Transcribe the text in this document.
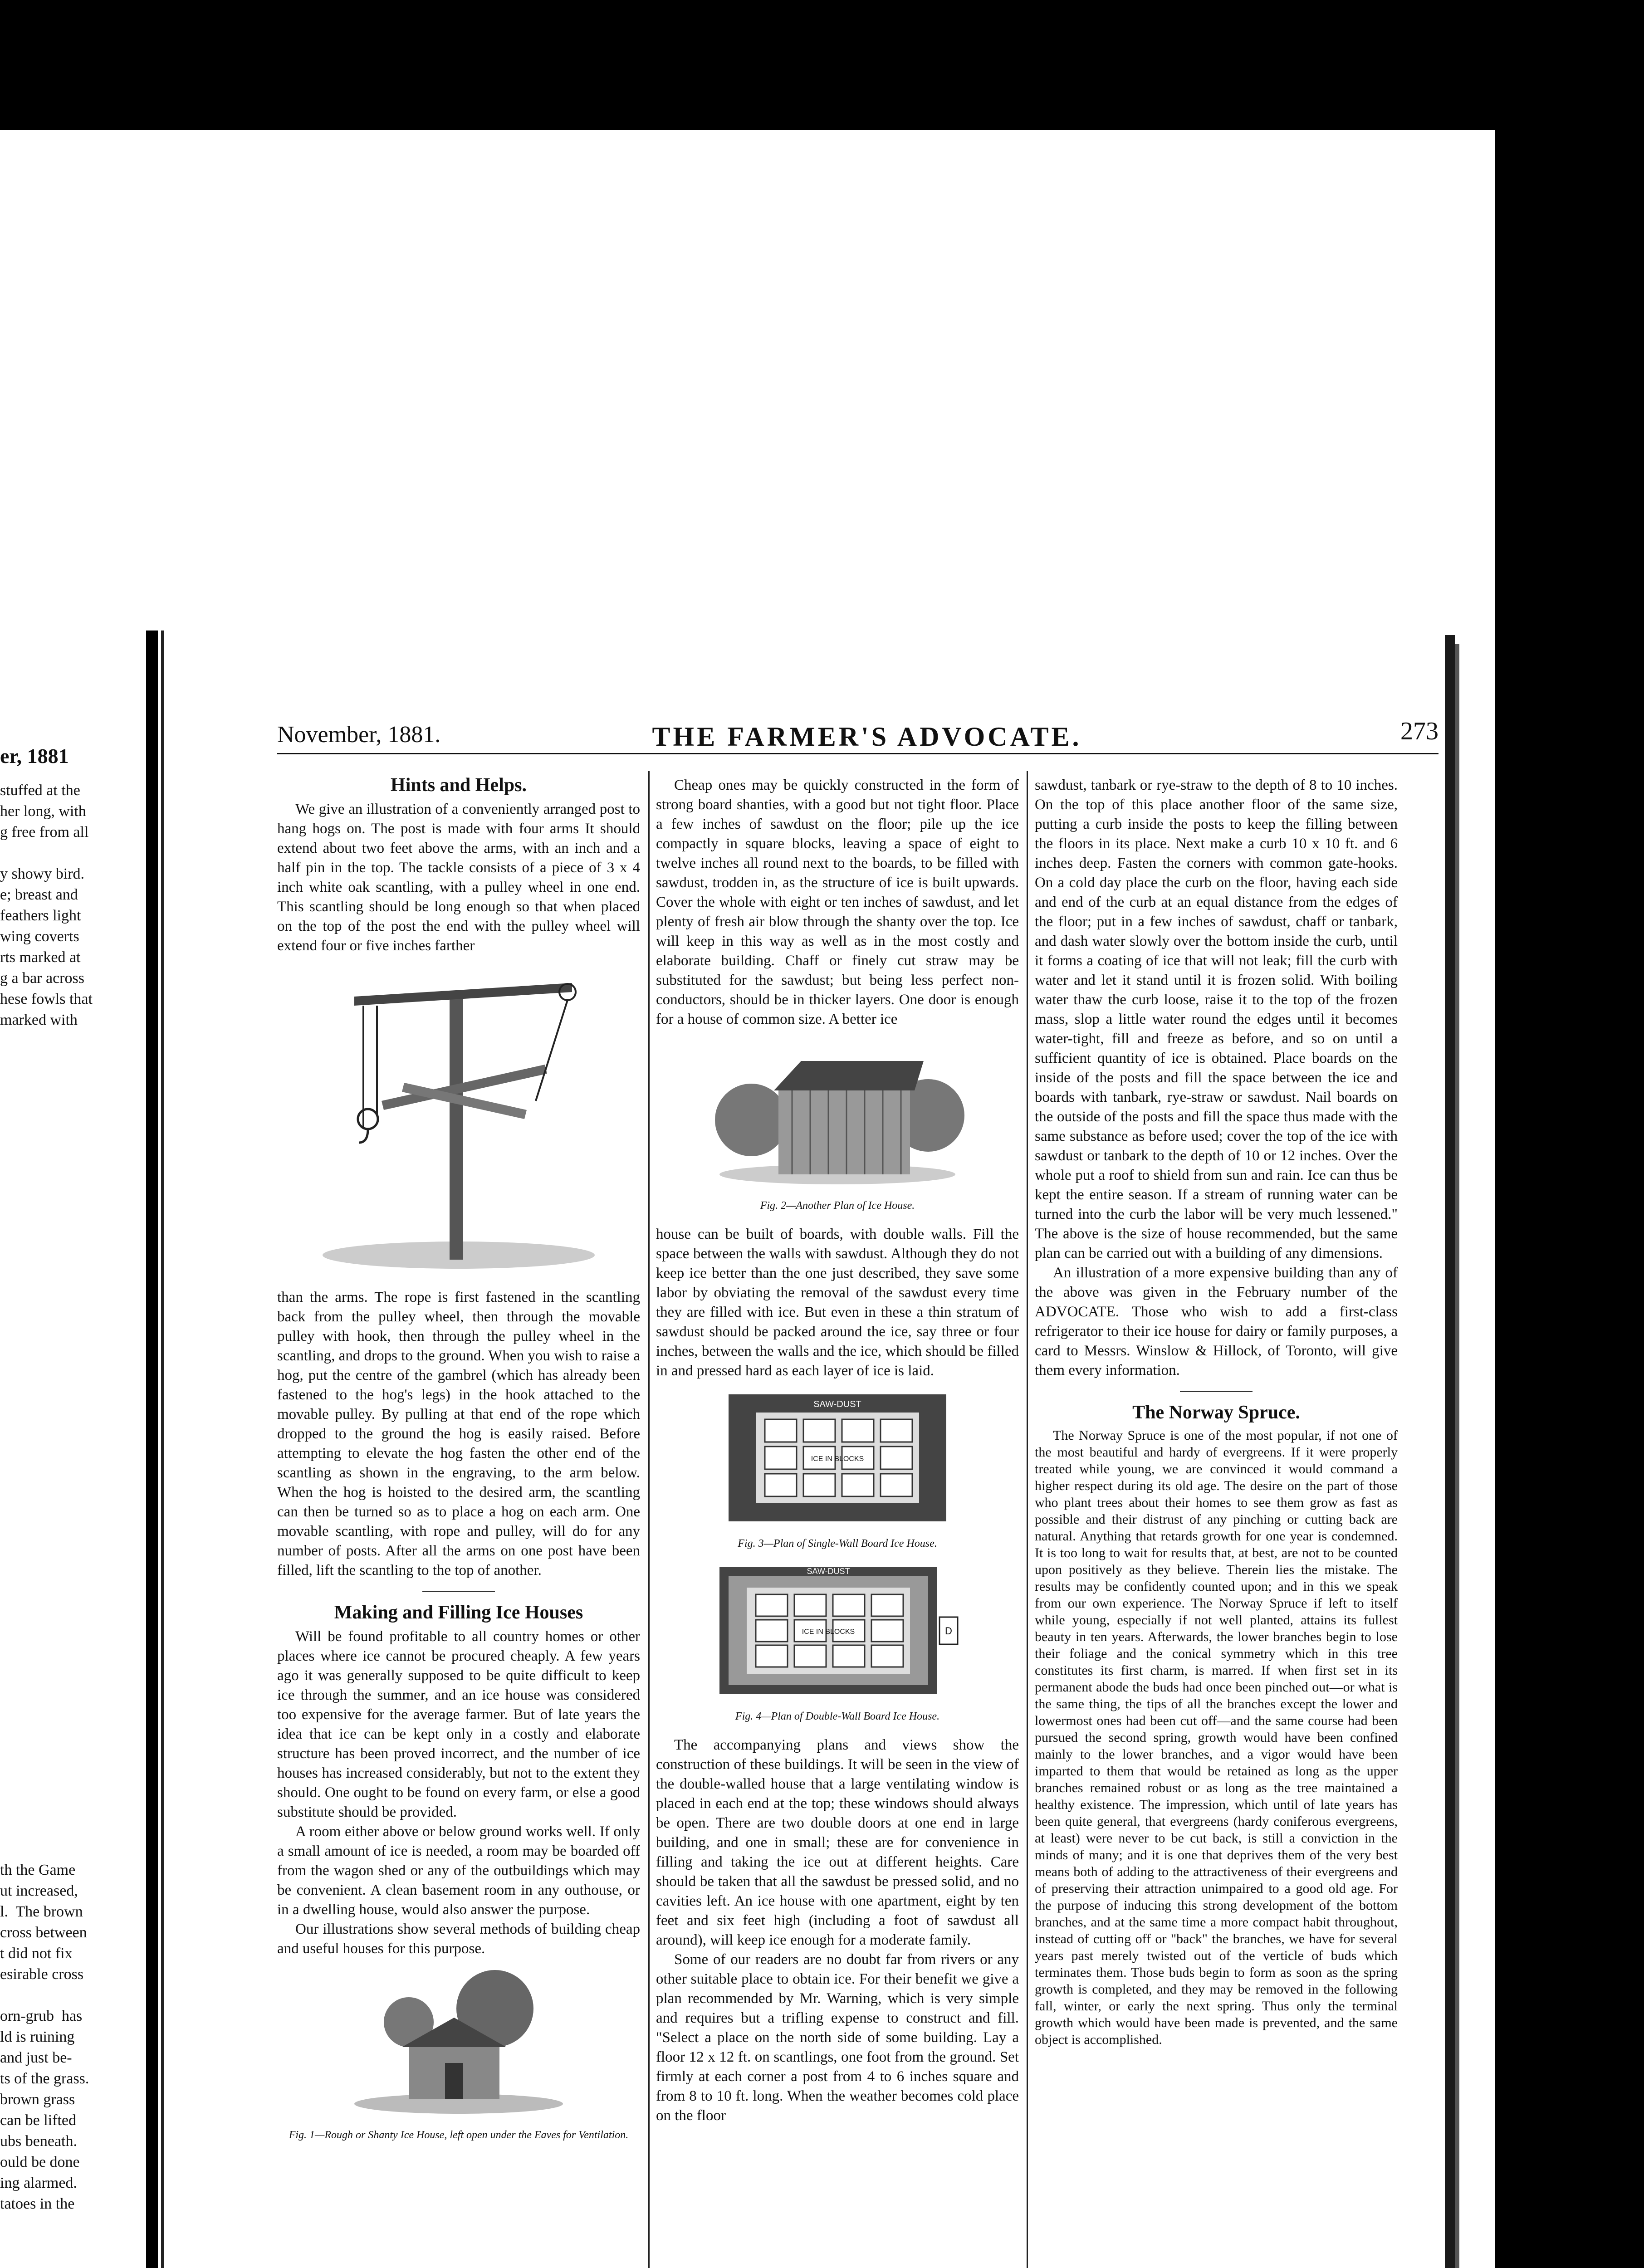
er, 1881
stuffed at the
her long, with
g free from all

y showy bird.
e; breast and
feathers light
wing coverts
rts marked at
g a bar across
hese fowls that
marked with
th the Game
ut increased,
l.  The brown
cross between
t did not fix
esirable cross

orn-grub  has
ld is ruining
and just be-
ts of the grass.
brown grass
can be lifted
ubs beneath.
ould be done
ing alarmed.
tatoes in the
November, 1881.	THE FARMER'S ADVOCATE.	273
Hints and Helps.

We give an illustration of a conveniently arranged post to hang hogs on. The post is made with four arms It should extend about two feet above the arms, with an inch and a half pin in the top. The tackle consists of a piece of 3 x 4 inch white oak scantling, with a pulley wheel in one end. This scantling should be long enough so that when placed on the top of the post the end with the pulley wheel will extend four or five inches farther

than the arms. The rope is first fastened in the scantling back from the pulley wheel, then through the movable pulley with hook, then through the pulley wheel in the scantling, and drops to the ground. When you wish to raise a hog, put the centre of the gambrel (which has already been fastened to the hog's legs) in the hook attached to the movable pulley. By pulling at that end of the rope which dropped to the ground the hog is easily raised. Before attempting to elevate the hog fasten the other end of the scantling as shown in the engraving, to the arm below. When the hog is hoisted to the desired arm, the scantling can then be turned so as to place a hog on each arm. One movable scantling, with rope and pulley, will do for any number of posts. After all the arms on one post have been filled, lift the scantling to the top of another.

Making and Filling Ice Houses

Will be found profitable to all country homes or other places where ice cannot be procured cheaply. A few years ago it was generally supposed to be quite difficult to keep ice through the summer, and an ice house was considered too expensive for the average farmer. But of late years the idea that ice can be kept only in a costly and elaborate structure has been proved incorrect, and the number of ice houses has increased considerably, but not to the extent they should. One ought to be found on every farm, or else a good substitute should be provided.

A room either above or below ground works well. If only a small amount of ice is needed, a room may be boarded off from the wagon shed or any of the outbuildings which may be convenient. A clean basement room in any outhouse, or in a dwelling house, would also answer the purpose.

Our illustrations show several methods of building cheap and useful houses for this purpose.

Fig. 1—Rough or Shanty Ice House, left open under the Eaves for Ventilation.

Cheap ones may be quickly constructed in the form of strong board shanties, with a good but not tight floor. Place a few inches of sawdust on the floor; pile up the ice compactly in square blocks, leaving a space of eight to twelve inches all round next to the boards, to be filled with sawdust, trodden in, as the structure of ice is built upwards. Cover the whole with eight or ten inches of sawdust, and let plenty of fresh air blow through the shanty over the top. Ice will keep in this way as well as in the most costly and elaborate building. Chaff or finely cut straw may be substituted for the sawdust; but being less perfect non-conductors, should be in thicker layers. One door is enough for a house of common size. A better ice

Fig. 2—Another Plan of Ice House.

house can be built of boards, with double walls. Fill the space between the walls with sawdust. Although they do not keep ice better than the one just described, they save some labor by obviating the removal of the sawdust every time they are filled with ice. But even in these a thin stratum of sawdust should be packed around the ice, say three or four inches, between the walls and the ice, which should be filled in and pressed hard as each layer of ice is laid.

SAW-DUST
ICE IN BLOCKS
Fig. 3—Plan of Single-Wall Board Ice House.
SAW-DUST
ICE IN BLOCKS	D
Fig. 4—Plan of Double-Wall Board Ice House.

The accompanying plans and views show the construction of these buildings. It will be seen in the view of the double-walled house that a large ventilating window is placed in each end at the top; these windows should always be open. There are two double doors at one end in large building, and one in small; these are for convenience in filling and taking the ice out at different heights. Care should be taken that all the sawdust be pressed solid, and no cavities left. An ice house with one apartment, eight by ten feet and six feet high (including a foot of sawdust all around), will keep ice enough for a moderate family.

Some of our readers are no doubt far from rivers or any other suitable place to obtain ice. For their benefit we give a plan recommended by Mr. Warning, which is very simple and requires but a trifling expense to construct and fill. "Select a place on the north side of some building. Lay a floor 12 x 12 ft. on scantlings, one foot from the ground. Set firmly at each corner a post from 4 to 6 inches square and from 8 to 10 ft. long. When the weather becomes cold place on the floor

sawdust, tanbark or rye-straw to the depth of 8 to 10 inches. On the top of this place another floor of the same size, putting a curb inside the posts to keep the filling between the floors in its place. Next make a curb 10 x 10 ft. and 6 inches deep. Fasten the corners with common gate-hooks. On a cold day place the curb on the floor, having each side and end of the curb at an equal distance from the edges of the floor; put in a few inches of sawdust, chaff or tanbark, and dash water slowly over the bottom inside the curb, until it forms a coating of ice that will not leak; fill the curb with water and let it stand until it is frozen solid. With boiling water thaw the curb loose, raise it to the top of the frozen mass, slop a little water round the edges until it becomes water-tight, fill and freeze as before, and so on until a sufficient quantity of ice is obtained. Place boards on the inside of the posts and fill the space between the ice and boards with tanbark, rye-straw or sawdust. Nail boards on the outside of the posts and fill the space thus made with the same substance as before used; cover the top of the ice with sawdust or tanbark to the depth of 10 or 12 inches. Over the whole put a roof to shield from sun and rain. Ice can thus be kept the entire season. If a stream of running water can be turned into the curb the labor will be very much lessened." The above is the size of house recommended, but the same plan can be carried out with a building of any dimensions.

An illustration of a more expensive building than any of the above was given in the February number of the ADVOCATE. Those who wish to add a first-class refrigerator to their ice house for dairy or family purposes, a card to Messrs. Winslow & Hillock, of Toronto, will give them every information.

The Norway Spruce.

The Norway Spruce is one of the most popular, if not one of the most beautiful and hardy of evergreens. If it were properly treated while young, we are convinced it would command a higher respect during its old age. The desire on the part of those who plant trees about their homes to see them grow as fast as possible and their distrust of any pinching or cutting back are natural. Anything that retards growth for one year is condemned. It is too long to wait for results that, at best, are not to be counted upon positively as they believe. Therein lies the mistake. The results may be confidently counted upon; and in this we speak from our own experience. The Norway Spruce if left to itself while young, especially if not well planted, attains its fullest beauty in ten years. Afterwards, the lower branches begin to lose their foliage and the conical symmetry which in this tree constitutes its first charm, is marred. If when first set in its permanent abode the buds had once been pinched out—or what is the same thing, the tips of all the branches except the lower and lowermost ones had been cut off—and the same course had been pursued the second spring, growth would have been confined mainly to the lower branches, and a vigor would have been imparted to them that would be retained as long as the upper branches remained robust or as long as the tree maintained a healthy existence. The impression, which until of late years has been quite general, that evergreens (hardy coniferous evergreens, at least) were never to be cut back, is still a conviction in the minds of many; and it is one that deprives them of the very best means both of adding to the attractiveness of their evergreens and of preserving their attraction unimpaired to a good old age. For the purpose of inducing this strong development of the bottom branches, and at the same time a more compact habit throughout, instead of cutting off or "back" the branches, we have for several years past merely twisted out of the verticle of buds which terminates them. Those buds begin to form as soon as the spring growth is completed, and they may be removed in the following fall, winter, or early the next spring. Thus only the terminal growth which would have been made is prevented, and the same object is accomplished.
